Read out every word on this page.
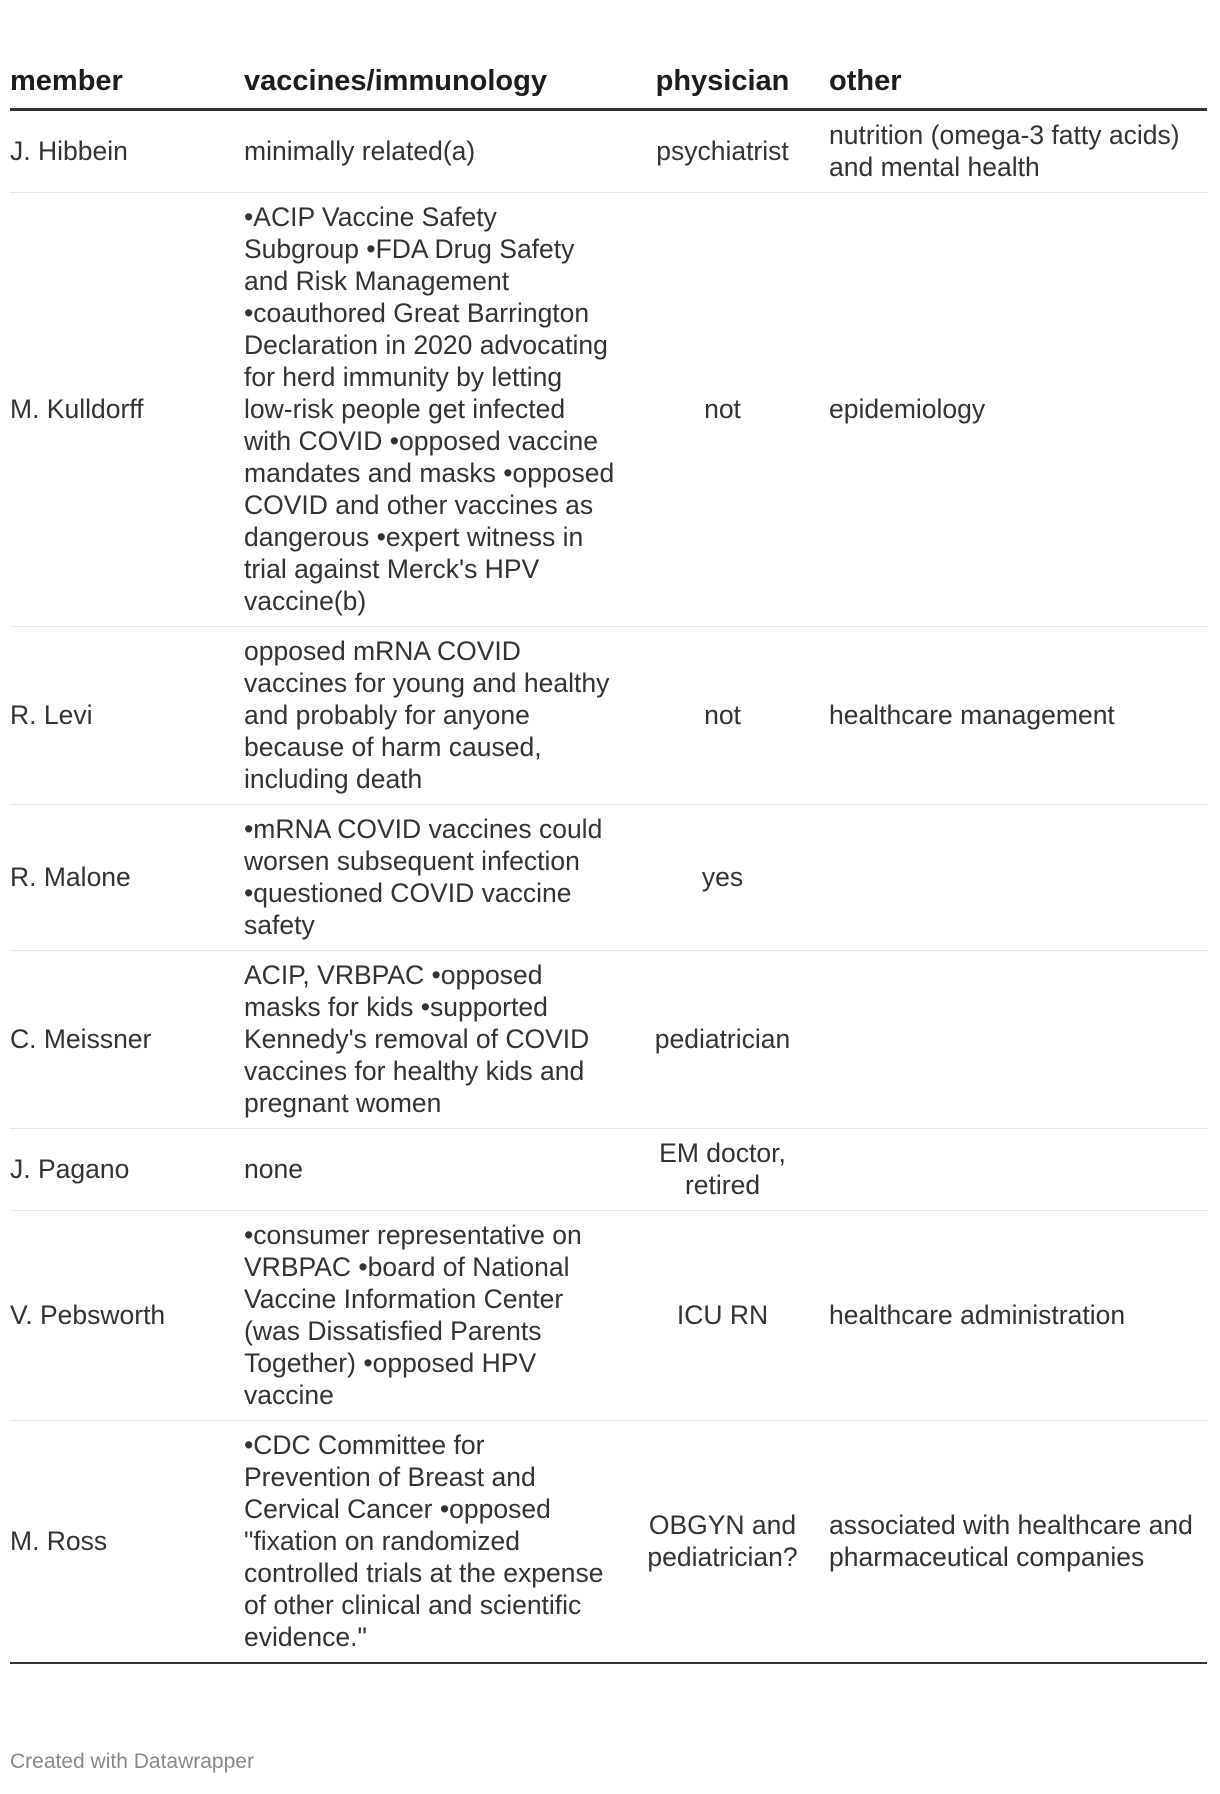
member	vaccines/immunology	physician	other
J. Hibbein	minimally related(a)	psychiatrist	nutrition (omega-3 fatty acids) and mental health
M. Kulldorff	•ACIP Vaccine Safety Subgroup •FDA Drug Safety and Risk Management •coauthored Great Barrington Declaration in 2020 advocating for herd immunity by letting low-risk people get infected with COVID •opposed vaccine mandates and masks •opposed COVID and other vaccines as dangerous •expert witness in trial against Merck's HPV vaccine(b)	not	epidemiology
R. Levi	opposed mRNA COVID vaccines for young and healthy and probably for anyone because of harm caused, including death	not	healthcare management
R. Malone	•mRNA COVID vaccines could worsen subsequent infection •questioned COVID vaccine safety	yes	
C. Meissner	ACIP, VRBPAC •opposed masks for kids •supported Kennedy's removal of COVID vaccines for healthy kids and pregnant women	pediatrician	
J. Pagano	none	EM doctor, retired	
V. Pebsworth	•consumer representative on VRBPAC •board of National Vaccine Information Center (was Dissatisfied Parents Together) •opposed HPV vaccine	ICU RN	healthcare administration
M. Ross	•CDC Committee for Prevention of Breast and Cervical Cancer •opposed "fixation on randomized controlled trials at the expense of other clinical and scientific evidence."	OBGYN and pediatrician?	associated with healthcare and pharmaceutical companies
Created with Datawrapper
